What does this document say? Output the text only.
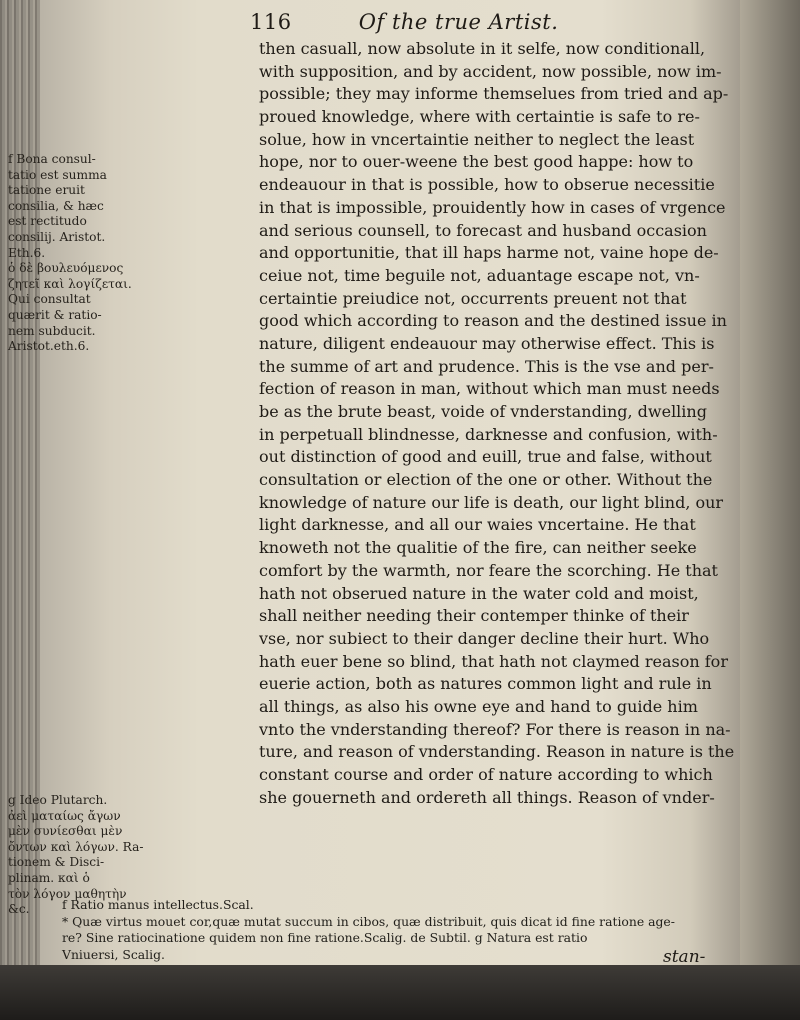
116	Of the true Artist.
then casuall, now absolute in it selfe, now conditionall,
with supposition, and by accident, now possible, now im-
possible; they may informe themselues from tried and ap-
proued knowledge, where with certaintie is safe to re-
solue, how in vncertaintie neither to neglect the least
hope, nor to ouer-weene the best good happe: how to
endeauour in that is possible, how to obserue necessitie
in that is impossible, prouidently how in cases of vrgence
and serious counsell, to forecast and husband occasion
and opportunitie, that ill haps harme not, vaine hope de-
ceiue not, time beguile not, aduantage escape not, vn-
certaintie preiudice not, occurrents preuent not that
good which according to reason and the destined issue in
nature, diligent endeauour may otherwise effect. This is
the summe of art and prudence. This is the vse and per-
fection of reason in man, without which man must needs
be as the brute beast, voide of vnderstanding, dwelling
in perpetuall blindnesse, darknesse and confusion, with-
out distinction of good and euill, true and false, without
consultation or election of the one or other. Without the
knowledge of nature our life is death, our light blind, our
light darknesse, and all our waies vncertaine. He that
knoweth not the qualitie of the fire, can neither seeke
comfort by the warmth, nor feare the scorching. He that
hath not obserued nature in the water cold and moist,
shall neither needing their contemper thinke of their
vse, nor subiect to their danger decline their hurt. Who
hath euer bene so blind, that hath not claymed reason for
euerie action, both as natures common light and rule in
all things, as also his owne eye and hand to guide him
vnto the vnderstanding thereof? For there is reason in na-
ture, and reason of vnderstanding. Reason in nature is the
constant course and order of nature according to which
she gouerneth and ordereth all things. Reason of vnder-
f Bona consul-
tatio est summa
tatione eruit
consilia, & hæc
est rectitudo
consilij. Aristot.
Eth.6.
ὁ δὲ βουλευόμενος
ζητεῖ καὶ λογίζεται.
Qui consultat
quærit & ratio-
nem subducit.
Aristot.eth.6.
g Ideo Plutarch.
ἀεὶ ματαίως ἄγων
μὲν συνίεσθαι μὲν
ὄντων καὶ λόγων. Ra-
tionem & Disci-
plinam. καὶ ὁ
τὸν λόγον μαθητὴν
&c.	f Ratio manus intellectus.Scal.
* Quæ virtus mouet cor,quæ mutat succum in cibos, quæ distribuit, quis dicat id fine ratione age-
re? Sine ratiocinatione quidem non fine ratione.Scalig. de Subtil. g Natura est ratio
Vniuersi, Scalig.	stan-
